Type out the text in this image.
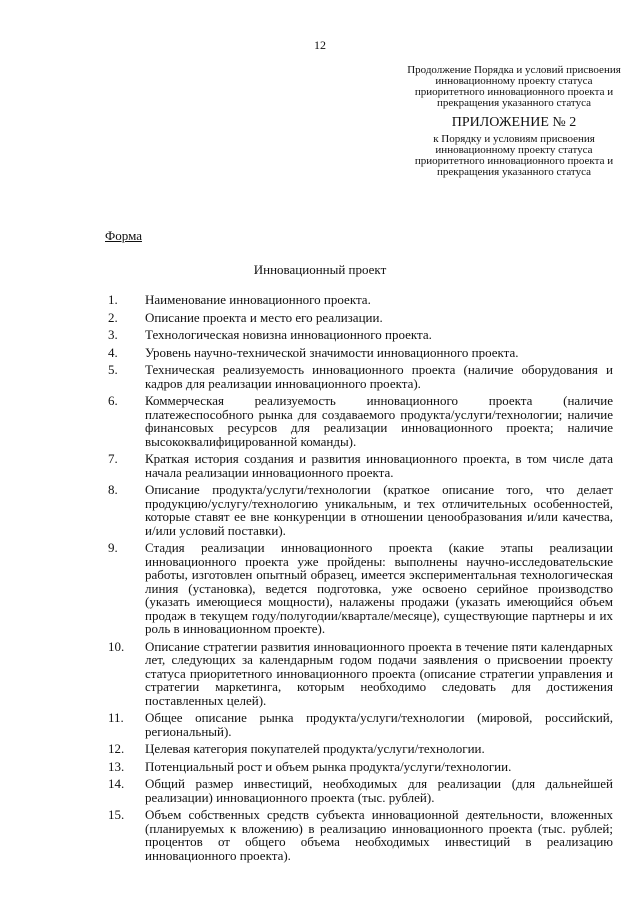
12
Продолжение Порядка и условий присвоения инновационному проекту статуса приоритетного инновационного проекта и прекращения указанного статуса
ПРИЛОЖЕНИЕ № 2
к Порядку и условиям присвоения инновационному проекту статуса приоритетного инновационного проекта и прекращения указанного статуса
Форма
Инновационный проект
1.	Наименование инновационного проекта.
2.	Описание проекта и место его реализации.
3.	Технологическая новизна инновационного проекта.
4.	Уровень научно-технической значимости инновационного проекта.
5.	Техническая реализуемость инновационного проекта (наличие оборудования и кадров для реализации инновационного проекта).
6.	Коммерческая реализуемость инновационного проекта (наличие платежеспособного рынка для создаваемого продукта/услуги/технологии; наличие финансовых ресурсов для реализации инновационного проекта; наличие высококвалифицированной команды).
7.	Краткая история создания и развития инновационного проекта, в том числе дата начала реализации инновационного проекта.
8.	Описание продукта/услуги/технологии (краткое описание того, что делает продукцию/услугу/технологию уникальным, и тех отличительных особенностей, которые ставят ее вне конкуренции в отношении ценообразования и/или качества, и/или условий поставки).
9.	Стадия реализации инновационного проекта (какие этапы реализации инновационного проекта уже пройдены: выполнены научно-исследовательские работы, изготовлен опытный образец, имеется экспериментальная технологическая линия (установка), ведется подготовка, уже освоено серийное производство (указать имеющиеся мощности), налажены продажи (указать имеющийся объем продаж в текущем году/полугодии/квартале/месяце), существующие партнеры и их роль в инновационном проекте).
10.	Описание стратегии развития инновационного проекта в течение пяти календарных лет, следующих за календарным годом подачи заявления о присвоении проекту статуса приоритетного инновационного проекта (описание стратегии управления и стратегии маркетинга, которым необходимо следовать для достижения поставленных целей).
11.	Общее описание рынка продукта/услуги/технологии (мировой, российский, региональный).
12.	Целевая категория покупателей продукта/услуги/технологии.
13.	Потенциальный рост и объем рынка продукта/услуги/технологии.
14.	Общий размер инвестиций, необходимых для реализации (для дальнейшей реализации) инновационного проекта (тыс. рублей).
15.	Объем собственных средств субъекта инновационной деятельности, вложенных (планируемых к вложению) в реализацию инновационного проекта (тыс. рублей; процентов от общего объема необходимых инвестиций в реализацию инновационного проекта).
